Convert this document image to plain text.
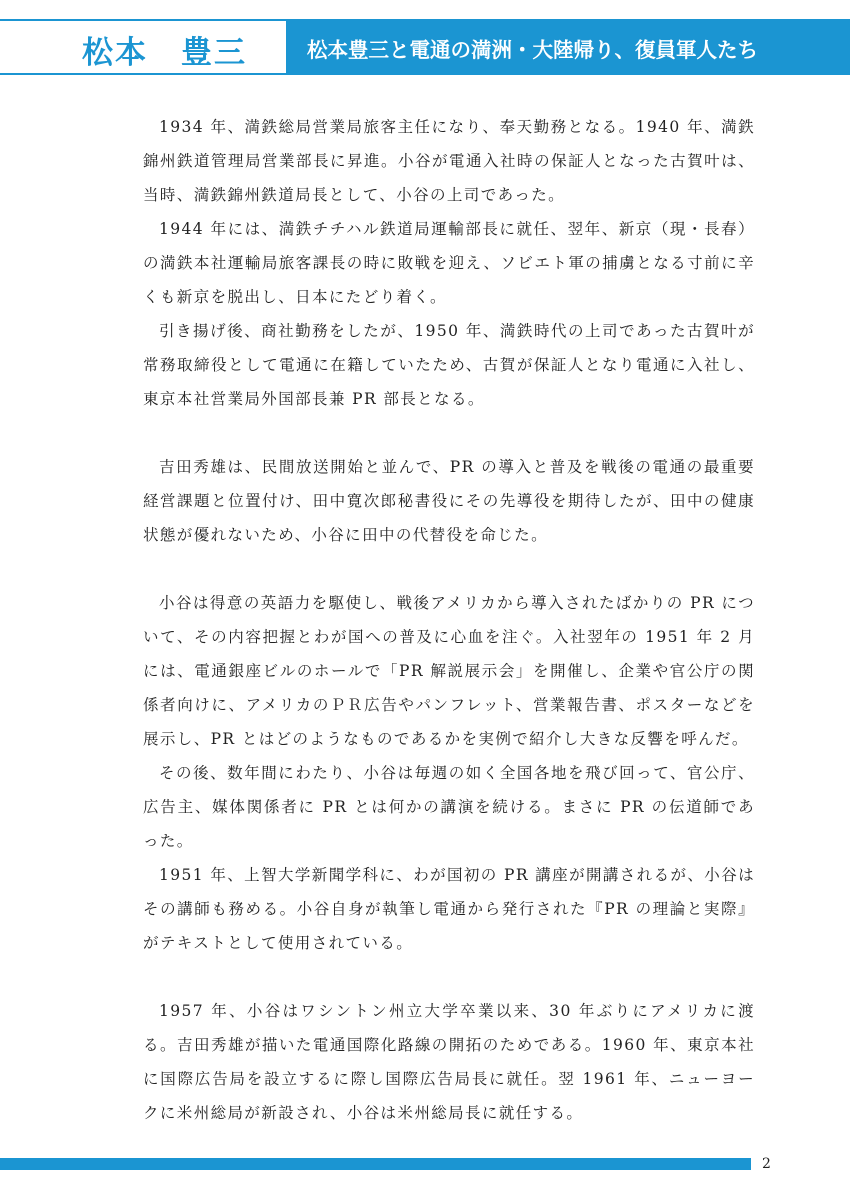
松本　豊三	松本豊三と電通の満洲・大陸帰り、復員軍人たち

1934 年、満鉄総局営業局旅客主任になり、奉天勤務となる。1940 年、満鉄錦州鉄道管理局営業部長に昇進。小谷が電通入社時の保証人となった古賀叶は、当時、満鉄錦州鉄道局長として、小谷の上司であった。

1944 年には、満鉄チチハル鉄道局運輸部長に就任、翌年、新京（現・長春）の満鉄本社運輸局旅客課長の時に敗戦を迎え、ソビエト軍の捕虜となる寸前に辛くも新京を脱出し、日本にたどり着く。

引き揚げ後、商社勤務をしたが、1950 年、満鉄時代の上司であった古賀叶が常務取締役として電通に在籍していたため、古賀が保証人となり電通に入社し、東京本社営業局外国部長兼 PR 部長となる。

吉田秀雄は、民間放送開始と並んで、PR の導入と普及を戦後の電通の最重要経営課題と位置付け、田中寛次郎秘書役にその先導役を期待したが、田中の健康状態が優れないため、小谷に田中の代替役を命じた。

小谷は得意の英語力を駆使し、戦後アメリカから導入されたばかりの PR について、その内容把握とわが国への普及に心血を注ぐ。入社翌年の 1951 年 2 月には、電通銀座ビルのホールで「PR 解説展示会」を開催し、企業や官公庁の関係者向けに、アメリカのＰＲ広告やパンフレット、営業報告書、ポスターなどを展示し、PR とはどのようなものであるかを実例で紹介し大きな反響を呼んだ。

その後、数年間にわたり、小谷は毎週の如く全国各地を飛び回って、官公庁、広告主、媒体関係者に PR とは何かの講演を続ける。まさに PR の伝道師であった。

1951 年、上智大学新聞学科に、わが国初の PR 講座が開講されるが、小谷はその講師も務める。小谷自身が執筆し電通から発行された『PR の理論と実際』がテキストとして使用されている。

1957 年、小谷はワシントン州立大学卒業以来、30 年ぶりにアメリカに渡る。吉田秀雄が描いた電通国際化路線の開拓のためである。1960 年、東京本社に国際広告局を設立するに際し国際広告局長に就任。翌 1961 年、ニューヨークに米州総局が新設され、小谷は米州総局長に就任する。

2
